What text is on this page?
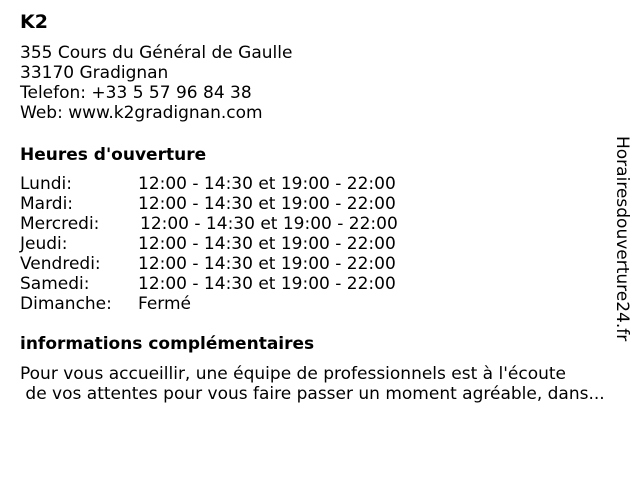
K2
355 Cours du Général de Gaulle
33170 Gradignan
Telefon: +33 5 57 96 84 38
Web: www.k2gradignan.com
Heures d'ouverture
Lundi:	12:00 - 14:30 et 19:00 - 22:00
Mardi:	12:00 - 14:30 et 19:00 - 22:00
Mercredi:	12:00 - 14:30 et 19:00 - 22:00
Jeudi:	12:00 - 14:30 et 19:00 - 22:00
Vendredi:	12:00 - 14:30 et 19:00 - 22:00
Samedi:	12:00 - 14:30 et 19:00 - 22:00
Dimanche:	Fermé
informations complémentaires
Pour vous accueillir, une équipe de professionnels est à l'écoute
de vos attentes pour vous faire passer un moment agréable, dans...
Horairesdouverture24.fr
